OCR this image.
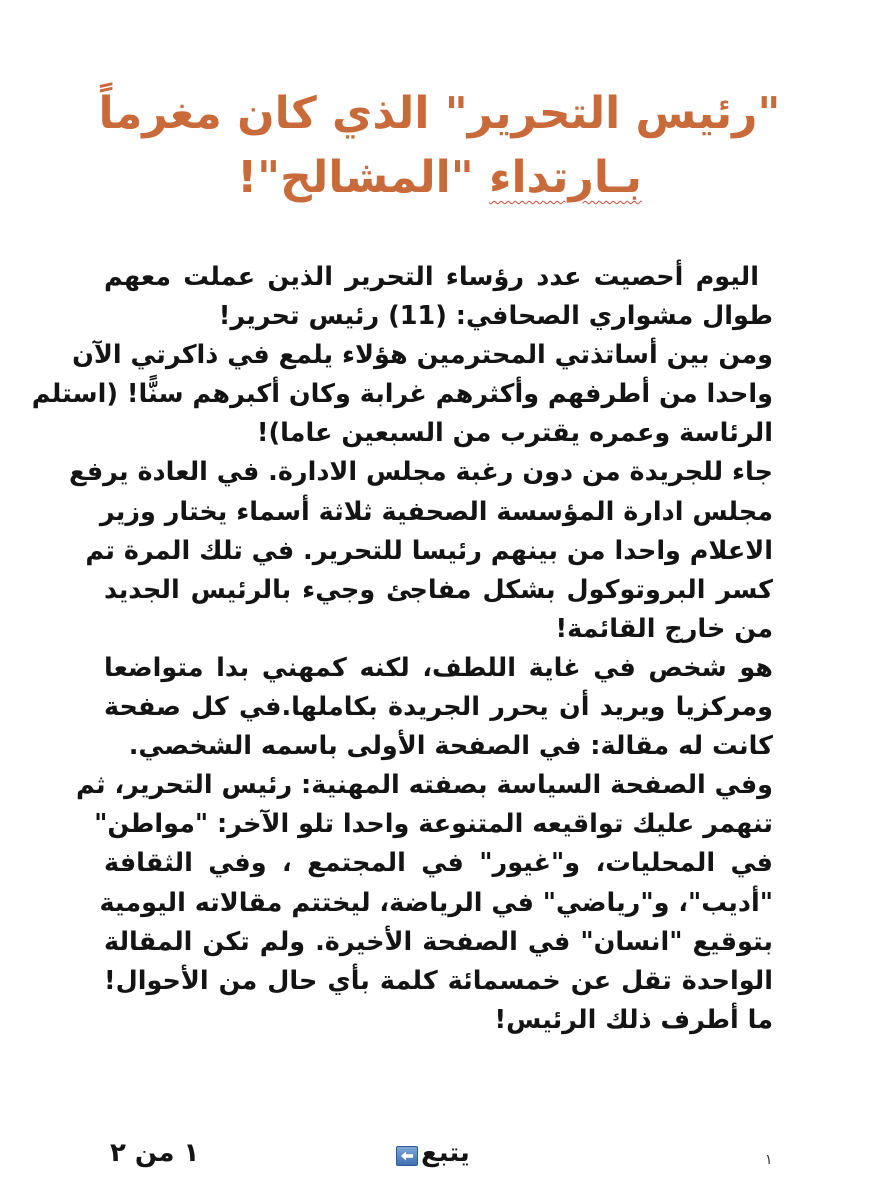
"رئيس التحرير" الذي كان مغرماً
بـارتداء "المشالح"!

اليوم أحصيت عدد رؤساء التحرير الذين عملت معهم

طوال مشواري الصحافي: (11) رئيس تحرير!

ومن بين أساتذتي المحترمين هؤلاء يلمع في ذاكرتي الآن

واحدا من أطرفهم وأكثرهم غرابة وكان أكبرهم سنًّا! (استلم

الرئاسة وعمره يقترب من السبعين عاما)!

جاء للجريدة من دون رغبة مجلس الادارة. في العادة يرفع

مجلس ادارة المؤسسة الصحفية ثلاثة أسماء يختار وزير

الاعلام واحدا من بينهم رئيسا للتحرير. في تلك المرة تم

كسر البروتوكول بشكل مفاجئ وجيء بالرئيس الجديد

من خارج القائمة!

هو شخص في غاية اللطف، لكنه كمهني بدا متواضعا

ومركزيا ويريد أن يحرر الجريدة بكاملها.في كل صفحة

كانت له مقالة: في الصفحة الأولى باسمه الشخصي.

وفي الصفحة السياسة بصفته المهنية: رئيس التحرير، ثم

تنهمر عليك تواقيعه المتنوعة واحدا تلو الآخر: "مواطن"

في المحليات، و"غيور" في المجتمع ، وفي الثقافة

"أديب"، و"رياضي" في الرياضة، ليختتم مقالاته اليومية

بتوقيع "انسان" في الصفحة الأخيرة. ولم تكن المقالة

الواحدة تقل عن خمسمائة كلمة بأي حال من الأحوال!

ما أطرف ذلك الرئيس!

١ من ٢	يتبع	١
